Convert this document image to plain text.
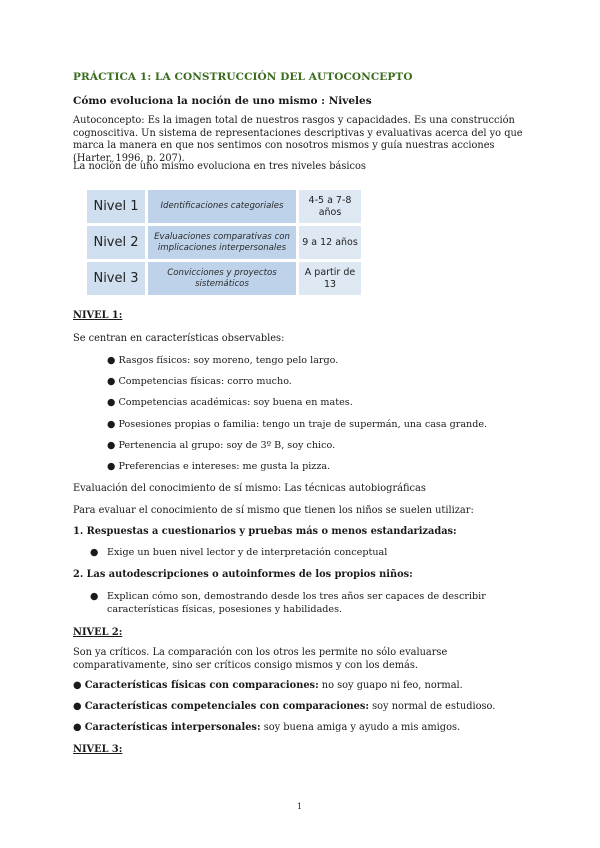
PRÁCTICA 1: LA CONSTRUCCIÓN DEL AUTOCONCEPTO
Cómo evoluciona la noción de uno mismo : Niveles
Autoconcepto: Es la imagen total de nuestros rasgos y capacidades. Es una construcción cognoscitiva. Un sistema de representaciones descriptivas y evaluativas acerca del yo que marca la manera en que nos sentimos con nosotros mismos y guía nuestras acciones (Harter, 1996, p. 207).
La noción de uno mismo evoluciona en tres niveles básicos
Nivel 1	Identificaciones categoriales	4-5 a 7-8 años
Nivel 2	Evaluaciones comparativas con implicaciones interpersonales	9 a 12 años
Nivel 3	Convicciones y proyectos sistemáticos	A partir de 13
NIVEL 1:
Se centran en características observables:
● Rasgos físicos: soy moreno, tengo pelo largo.
● Competencias físicas: corro mucho.
● Competencias académicas: soy buena en mates.
● Posesiones propias o familia: tengo un traje de supermán, una casa grande.
● Pertenencia al grupo: soy de 3º B, soy chico.
● Preferencias e intereses: me gusta la pizza.
Evaluación del conocimiento de sí mismo: Las técnicas autobiográficas
Para evaluar el conocimiento de sí mismo que tienen los niños se suelen utilizar:
1. Respuestas a cuestionarios y pruebas más o menos estandarizadas:
● Exige un buen nivel lector y de interpretación conceptual
2. Las autodescripciones o autoinformes de los propios niños:
● Explican cómo son, demostrando desde los tres años ser capaces de describir características físicas, posesiones y habilidades.
NIVEL 2:
Son ya críticos. La comparación con los otros les permite no sólo evaluarse comparativamente, sino ser críticos consigo mismos y con los demás.
● Características físicas con comparaciones: no soy guapo ni feo, normal.
● Características competenciales con comparaciones: soy normal de estudioso.
● Características interpersonales: soy buena amiga y ayudo a mis amigos.
NIVEL 3:
1
